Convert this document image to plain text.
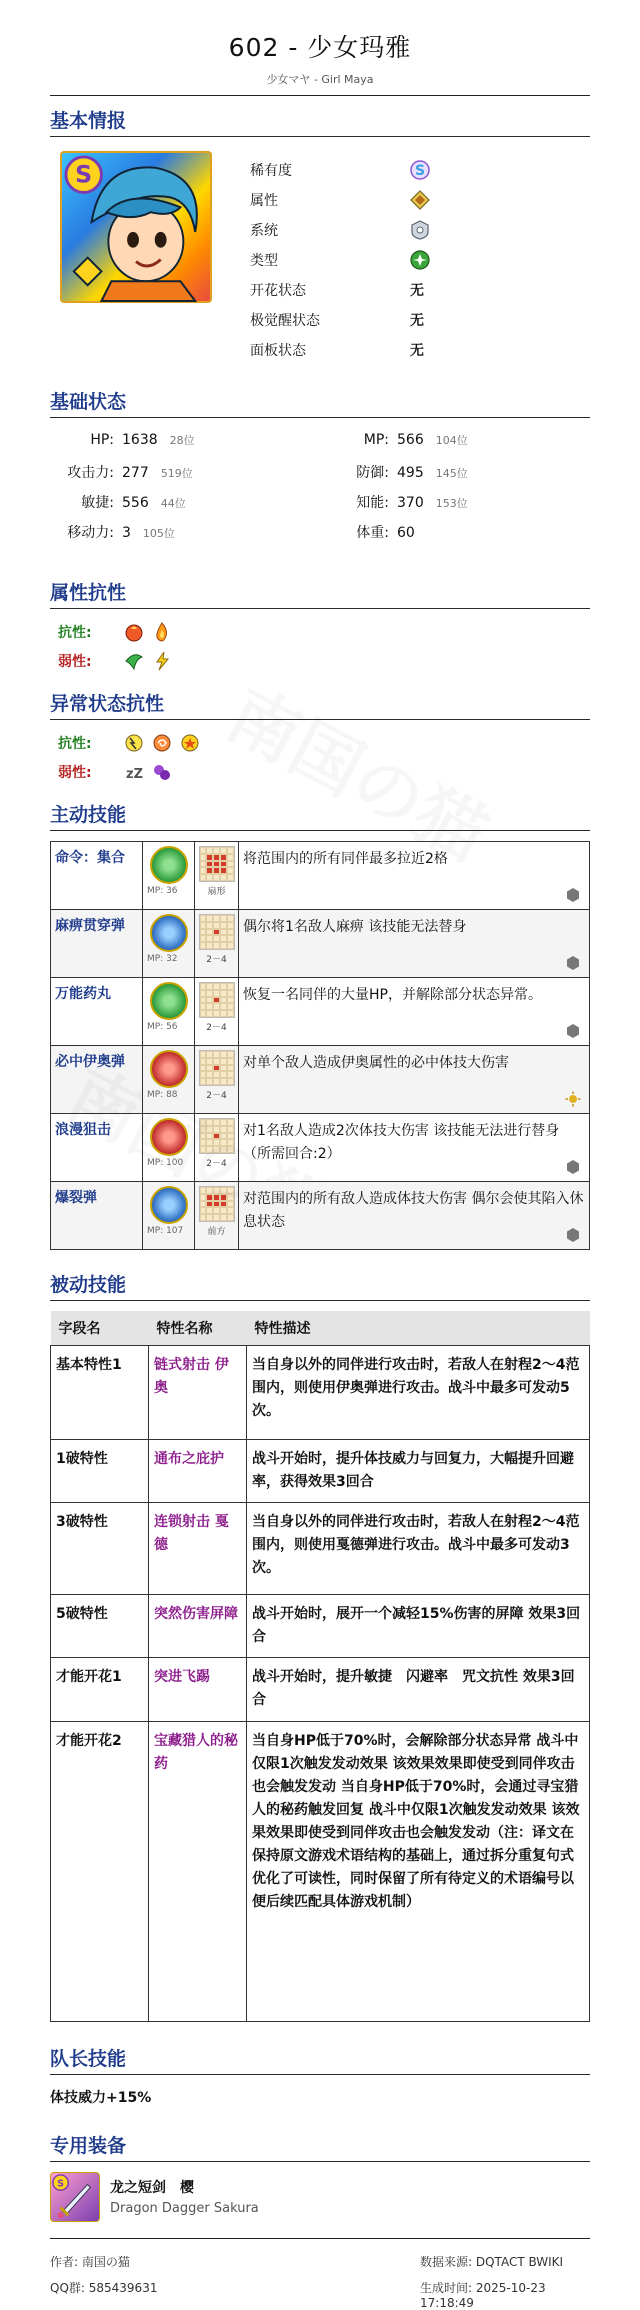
602 - 少女玛雅
少女マヤ - Girl Maya
基本情报
S	稀有度	S
属性
系统
类型
开花状态	无
极觉醒状态	无
面板状态	无
基础状态
HP: 1638 28位	MP: 566 104位
攻击力: 277 519位	防御: 495 145位
敏捷: 556 44位	知能: 370 153位
移动力: 3 105位	体重: 60
属性抗性
抗性:
弱性:
异常状态抗性
抗性:
弱性:	zZ
主动技能
命令：集合	MP: 36	扇形	将范围内的所有同伴最多拉近2格

麻痹贯穿弹	MP: 32	2－4	偶尔将1名敌人麻痹 该技能无法替身

万能药丸	MP: 56	2－4	恢复一名同伴的大量HP，并解除部分状态异常。

必中伊奥弹	MP: 88	2－4	对单个敌人造成伊奥属性的必中体技大伤害

浪漫狙击	MP: 100	2－4	对1名敌人造成2次体技大伤害 该技能无法进行替身（所需回合:2）

爆裂弹	MP: 107	前方	对范围内的所有敌人造成体技大伤害 偶尔会使其陷入休息状态
被动技能
字段名	特性名称	特性描述
基本特性1	链式射击 伊奥	当自身以外的同伴进行攻击时，若敌人在射程2～4范围内，则使用伊奥弹进行攻击。战斗中最多可发动5次。
1破特性	通布之庇护	战斗开始时，提升体技威力与回复力，大幅提升回避率，获得效果3回合
3破特性	连锁射击 戛德	当自身以外的同伴进行攻击时，若敌人在射程2～4范围内，则使用戛德弹进行攻击。战斗中最多可发动3次。
5破特性	突然伤害屏障	战斗开始时，展开一个减轻15%伤害的屏障 效果3回合
才能开花1	突进飞踢	战斗开始时，提升敏捷　闪避率　咒文抗性 效果3回合
才能开花2	宝藏猎人的秘药	当自身HP低于70%时，会解除部分状态异常 战斗中仅限1次触发发动效果 该效果效果即使受到同伴攻击也会触发发动 当自身HP低于70%时，会通过寻宝猎人的秘药触发回复 战斗中仅限1次触发发动效果 该效果效果即使受到同伴攻击也会触发发动（注：译文在保持原文游戏术语结构的基础上，通过拆分重复句式优化了可读性，同时保留了所有待定义的术语编号以便后续匹配具体游戏机制）
队长技能
体技威力+15%
专用装备
S	龙之短剑　樱
Dragon Dagger Sakura
作者: 南国の猫
QQ群: 585439631
数据来源: DQTACT BWIKI
生成时间: 2025-10-23 17:18:49
